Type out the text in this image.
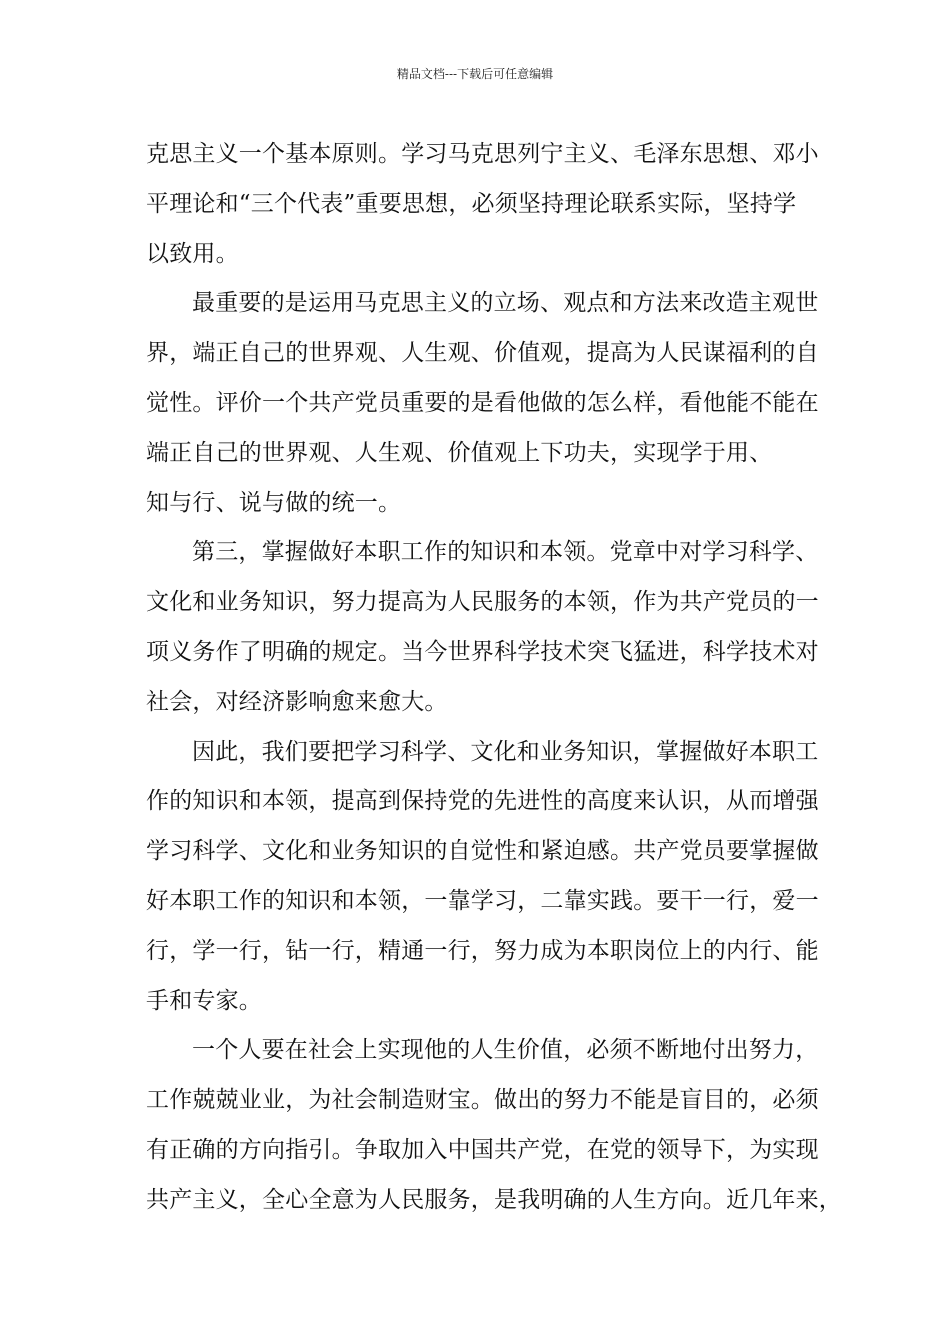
精品文档---下载后可任意编辑
克思主义一个基本原则。学习马克思列宁主义、毛泽东思想、邓小
平理论和“三个代表”重要思想，必须坚持理论联系实际，坚持学
以致用。
最重要的是运用马克思主义的立场、观点和方法来改造主观世
界，端正自己的世界观、人生观、价值观，提高为人民谋福利的自
觉性。评价一个共产党员重要的是看他做的怎么样，看他能不能在
端正自己的世界观、人生观、价值观上下功夫，实现学于用、
知与行、说与做的统一。
第三，掌握做好本职工作的知识和本领。党章中对学习科学、
文化和业务知识，努力提高为人民服务的本领，作为共产党员的一
项义务作了明确的规定。当今世界科学技术突飞猛进，科学技术对
社会，对经济影响愈来愈大。
因此，我们要把学习科学、文化和业务知识，掌握做好本职工
作的知识和本领，提高到保持党的先进性的高度来认识，从而增强
学习科学、文化和业务知识的自觉性和紧迫感。共产党员要掌握做
好本职工作的知识和本领，一靠学习，二靠实践。要干一行，爱一
行，学一行，钻一行，精通一行，努力成为本职岗位上的内行、能
手和专家。
一个人要在社会上实现他的人生价值，必须不断地付出努力，
工作兢兢业业，为社会制造财宝。做出的努力不能是盲目的，必须
有正确的方向指引。争取加入中国共产党，在党的领导下，为实现
共产主义，全心全意为人民服务，是我明确的人生方向。近几年来，
